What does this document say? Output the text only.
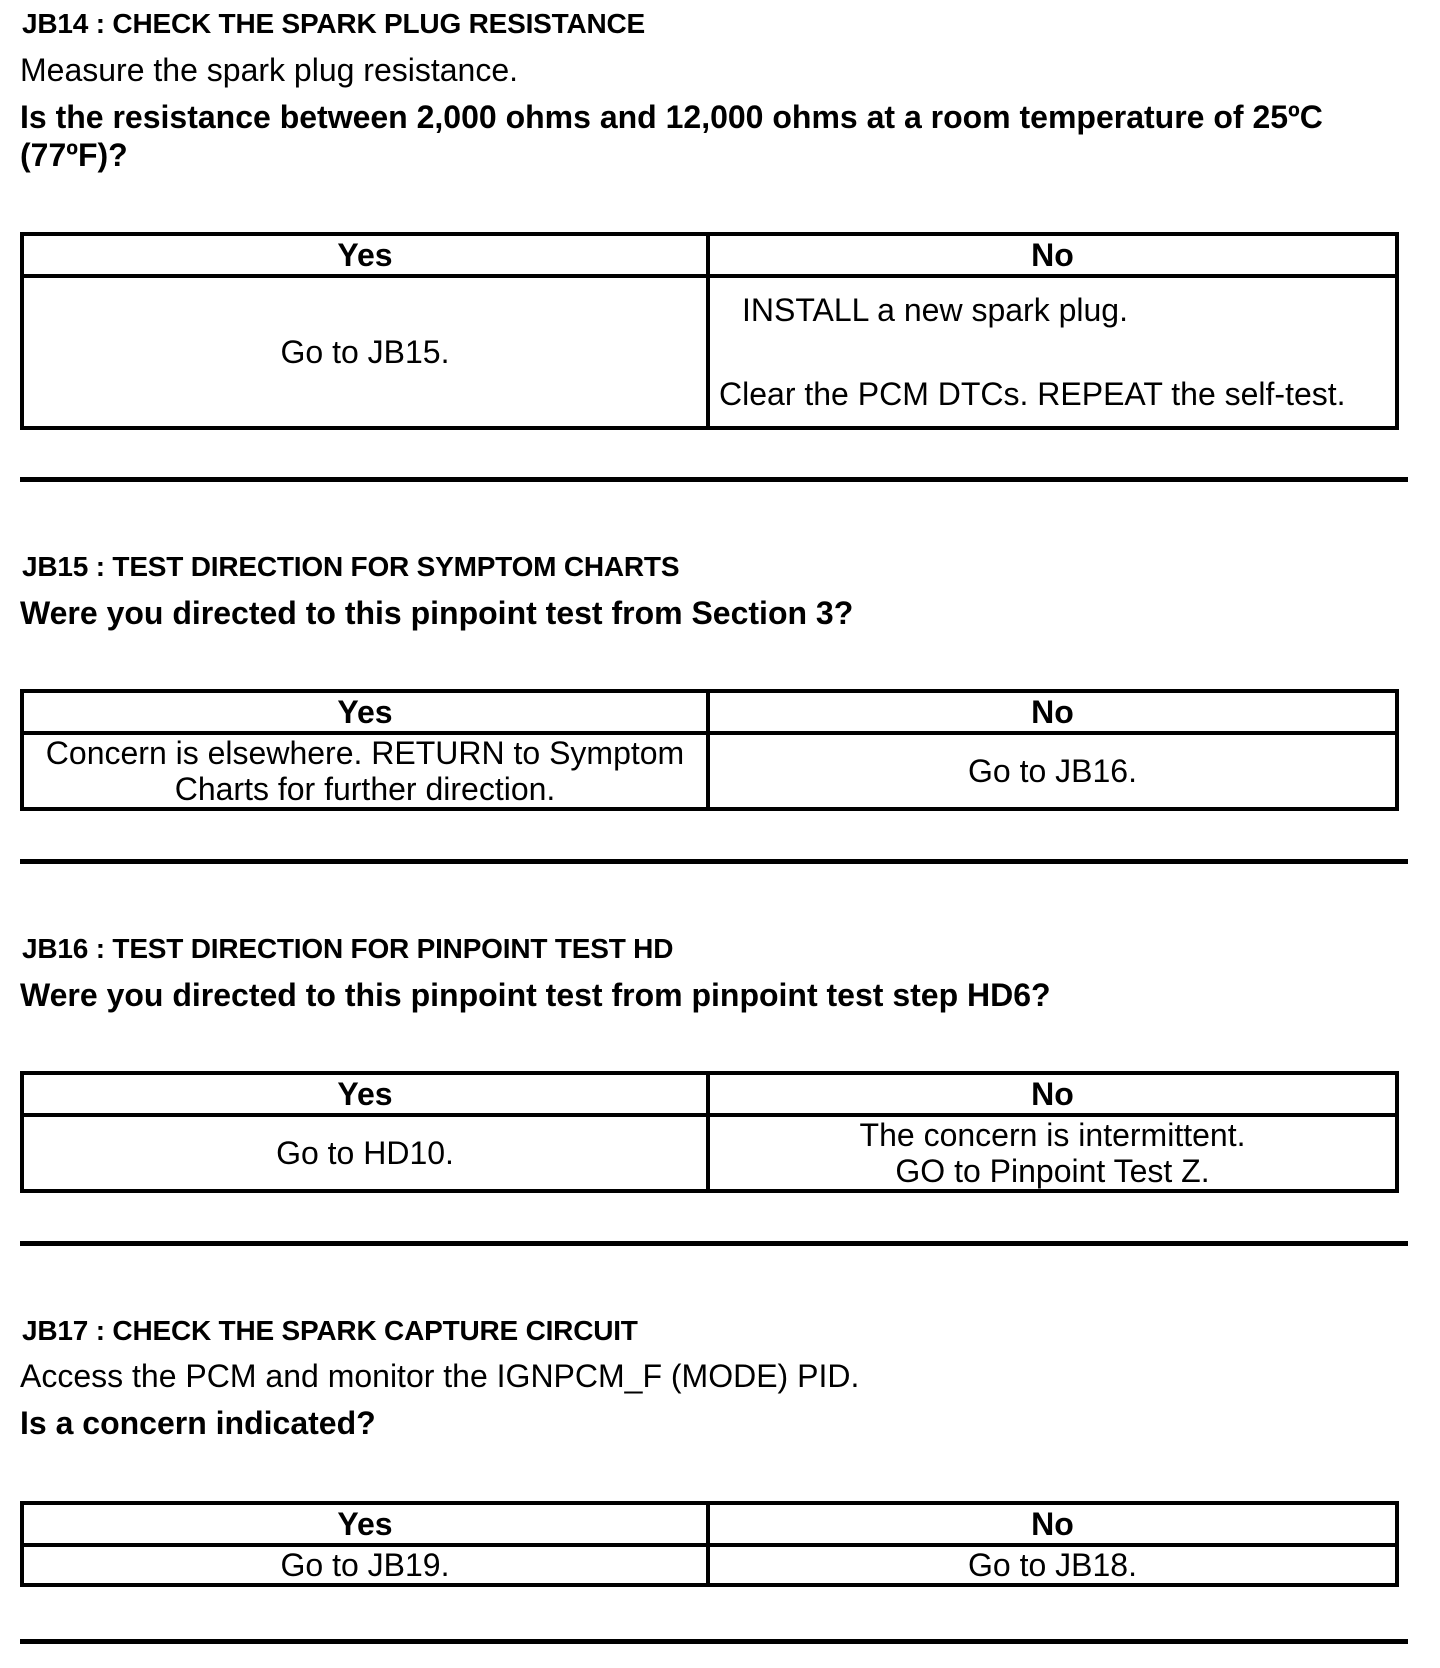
JB14 : CHECK THE SPARK PLUG RESISTANCE
Measure the spark plug resistance.
Is the resistance between 2,000 ohms and 12,000 ohms at a room temperature of 25ºC (77ºF)?
Yes	No
Go to JB15.	INSTALL a new spark plug.
Clear the PCM DTCs. REPEAT the self-test.
JB15 : TEST DIRECTION FOR SYMPTOM CHARTS
Were you directed to this pinpoint test from Section 3?
Yes	No

Concern is elsewhere. RETURN to Symptom
Charts for further direction.	Go to JB16.
JB16 : TEST DIRECTION FOR PINPOINT TEST HD
Were you directed to this pinpoint test from pinpoint test step HD6?
Yes	No
Go to HD10.	The concern is intermittent.
GO to Pinpoint Test Z.
JB17 : CHECK THE SPARK CAPTURE CIRCUIT
Access the PCM and monitor the IGNPCM_F (MODE) PID.
Is a concern indicated?
Yes	No
Go to JB19.	Go to JB18.
